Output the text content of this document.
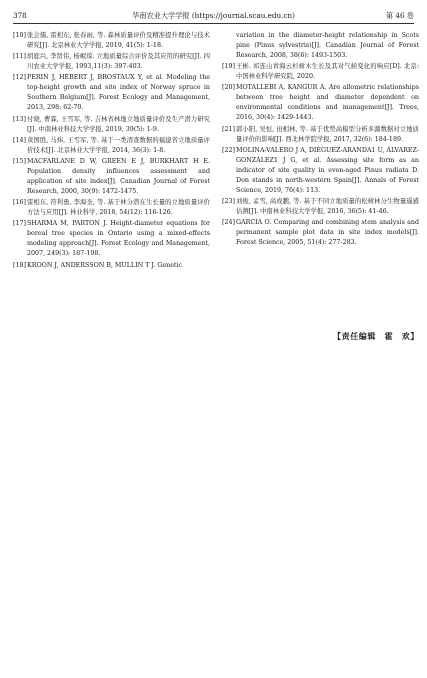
378	华南农业大学学报 (https://journal.scau.edu.cn)	第 46 卷
[10] 张会儒, 雷相东, 张春雨, 等. 森林质量评价及精准提升理论与技术研究[J]. 北京林业大学学报, 2019, 41(5): 1-18.
[11] 胡庭兴, 李贤伟, 杨岷琼. 立地质量综合评价及其应用的研究[J]. 四川农业大学学报, 1993,11(3): 397-403.
[12] PERIN J, HÉBERT J, BROSTAUX Y, et al. Modeling the top-height growth and site index of Norway spruce in Southern Belgium[J]. Forest Ecology and Management, 2013, 298: 62-70.
[13] 付晓, 曹霖, 王雪军, 等. 吉林省林地立地质量评价及生产潜力研究[J]. 中南林业科技大学学报, 2019, 39(5): 1-9.
[14] 黄国胜, 马炜, 王雪军, 等. 基于一类清查数据的福建省立地质量评价技术[J]. 北京林业大学学报, 2014, 36(3): 1-8.
[15] MACFARLANE D W, GREEN E J, BURKHART H E. Population density influences assessment and application of site index[J]. Canadian Journal of Forest Research, 2000, 30(9): 1472-1475.
[16] 雷相东, 符利勇, 李海奎, 等. 基于林分潜在生长量的立地质量评价方法与应用[J]. 林业科学, 2018, 54(12): 116-126.
[17] SHARMA M, PARTON J. Height-diameter equations for boreal tree species in Ontario using a mixed-effects modeling approach[J]. Forest Ecology and Management, 2007, 249(3): 187-198.
[18] KROON J, ANDERSSON B, MULLIN T J. Genetic
variation in the diameter-height relationship in Scots pine (Pinus sylvestris)[J]. Canadian Journal of Forest Research, 2008, 38(6): 1493-1503.
[19] 王彬. 祁连山青海云杉树木生长及其对气候变化的响应[D]. 北京: 中国林业科学研究院, 2020.
[20] MOTALLEBI A, KANGUR A. Are allometric relationships between tree height and diameter dependent on environmental conditions and management[J]. Trees, 2016, 30(4): 1429-1443.
[21] 郭小阳, 吴恒, 田相林, 等. 基于优势高模型分析多源数据对立地质量评价的影响[J]. 西北林学院学报, 2017, 32(6): 184-189.
[22] MOLINA-VALERO J A, DIÉGUEZ-ARANDA1 U, ÁLVAREZ-GONZÁLEZ1 J G, et al. Assessing site form as an indicator of site quality in even-aged Pinus radiata D. Don stands in north-western Spain[J]. Annals of Forest Science, 2019, 76(4): 113.
[23] 刘俊, 孟雪, 高成鹏, 等. 基于不同立地质量的松树林分生物量遥感估测[J]. 中南林业科技大学学报, 2016, 36(5): 41-46.
[24] GARCIA O. Comparing and combining stem analysis and permanent sample plot data in site index models[J]. Forest Science, 2005, 51(4): 277-283.
【责任编辑　霍　欢】
